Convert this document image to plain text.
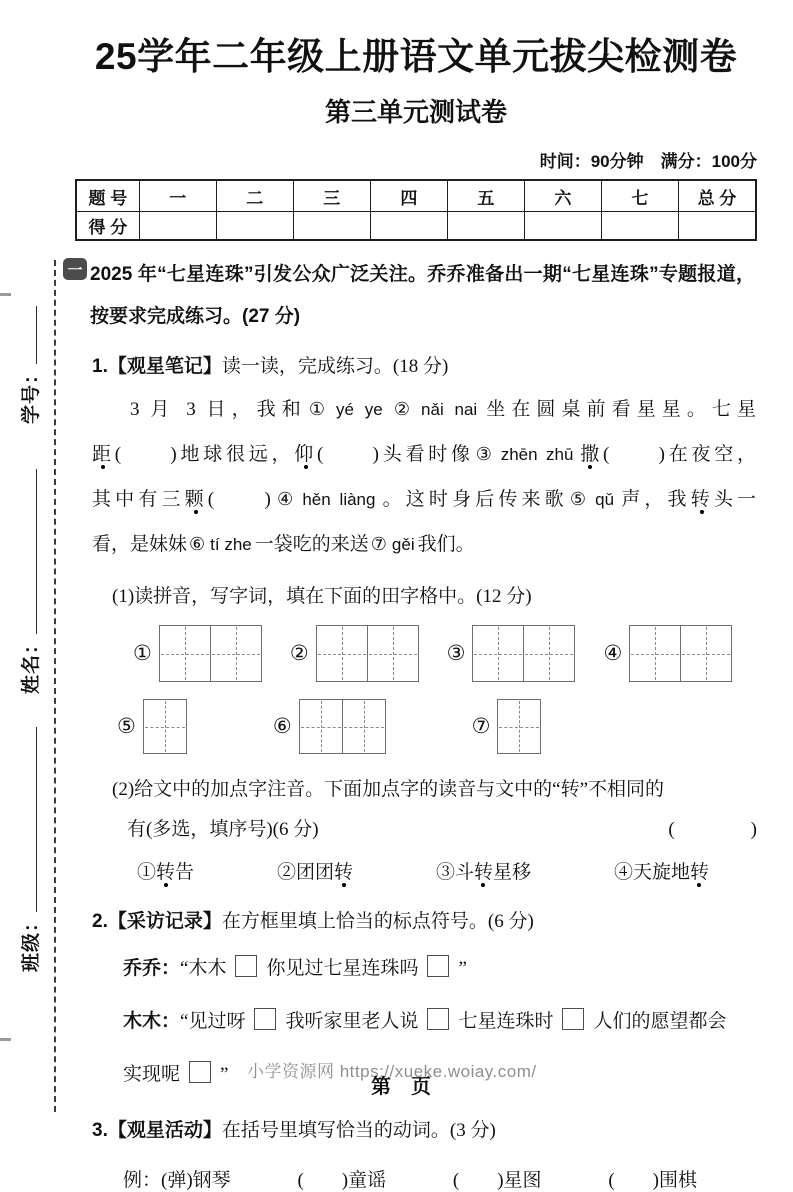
学号：
姓名：
班级：
25学年二年级上册语文单元拔尖检测卷
第三单元测试卷
时间：90分钟　满分：100分
题 号	一	二	三	四	五	六	七	总 分
得 分								
一 2025 年“七星连珠”引发公众广泛关注。乔乔准备出一期“七星连珠”专题报道，按要求完成练习。(27 分)

1.【观星笔记】读一读，完成练习。(18 分)
3 月 3 日，我和 ① yé ye ② nǎi nai 坐在圆桌前看星星。七星
距(　　)地球很远，仰(　　)头看时像 ③ zhēn zhū 撒(　　)在夜空，
其中有三颗(　　) ④ hěn liàng 。这时身后传来歌 ⑤ qǔ 声，我转头一
看，是妹妹 ⑥ tí zhe 一袋吃的来送 ⑦ gěi 我们。
(1)读拼音，写字词，填在下面的田字格中。(12 分)
①	②	③	④
⑤	⑥	⑦
(2)给文中的加点字注音。下面加点字的读音与文中的“转”不相同的
有(多选，填序号)(6 分)	(　　　　)
①转告	②团团转	③斗转星移	④天旋地转
2.【采访记录】在方框里填上恰当的标点符号。(6 分)
乔乔：“木木 你见过七星连珠吗 ”
木木：“见过呀 我听家里老人说 七星连珠时 人们的愿望都会
实现呢 ”
3.【观星活动】在括号里填写恰当的动词。(3 分)
例：(弹)钢琴	(　　)童谣	(　　)星图	(　　)围棋
小学资源网 https://xueke.woiay.com/
第　页
